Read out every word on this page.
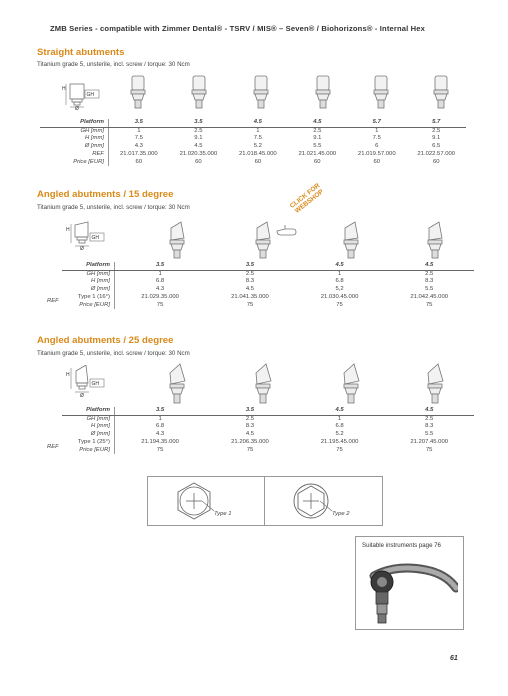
ZMB Series - compatible with Zimmer Dental® - TSRV / MIS® – Seven® / Biohorizons® - Internal Hex
Straight abutments
Titanium grade 5, unsterile, incl. screw / torque: 30 Ncm
H
GH
Ø
Platform	3.5	3.5	4.5	4.5	5.7	5.7
GH [mm]	1	2.5	1	2.5	1	2.5
H [mm]	7.5	9.1	7.5	9.1	7.5	9.1
Ø [mm]	4.3	4.5	5.2	5.5	6	6.5
REF	21.017.35.000	21.020.35.000	21.018.45.000	21.021.45.000	21.019.57.000	21.022.57.000
Price [EUR]	60	60	60	60	60	60
Angled abutments / 15 degree
Titanium grade 5, unsterile, incl. screw / torque: 30 Ncm
H
GH
Ø
CLICK FOR WEBSHOP
REF
Platform	3.5	3.5	4.5	4.5
GH [mm]	1	2.5	1	2.5
H [mm]	6.8	8.3	6.8	8.3
Ø [mm]	4.3	4.5	5,2	5.5
Type 1 (16°)	21.029.35.000	21.041.35.000	21.030.45.000	21.042.45.000
Price [EUR]	75	75	75	75
Angled abutments / 25 degree
Titanium grade 5, unsterile, incl. screw / torque: 30 Ncm
H
GH
Ø
REF
Platform	3.5	3.5	4.5	4.5
GH [mm]	1	2.5	1	2.5
H [mm]	6.8	8.3	6.8	8.3
Ø [mm]	4.3	4.5	5.2	5.5
Type 1 (25°)	21.194.35.000	21.206.35.000	21.195.45.000	21.207.45.000
Price [EUR]	75	75	75	75
Type 1	Type 2
Suitable instruments page 76
61
